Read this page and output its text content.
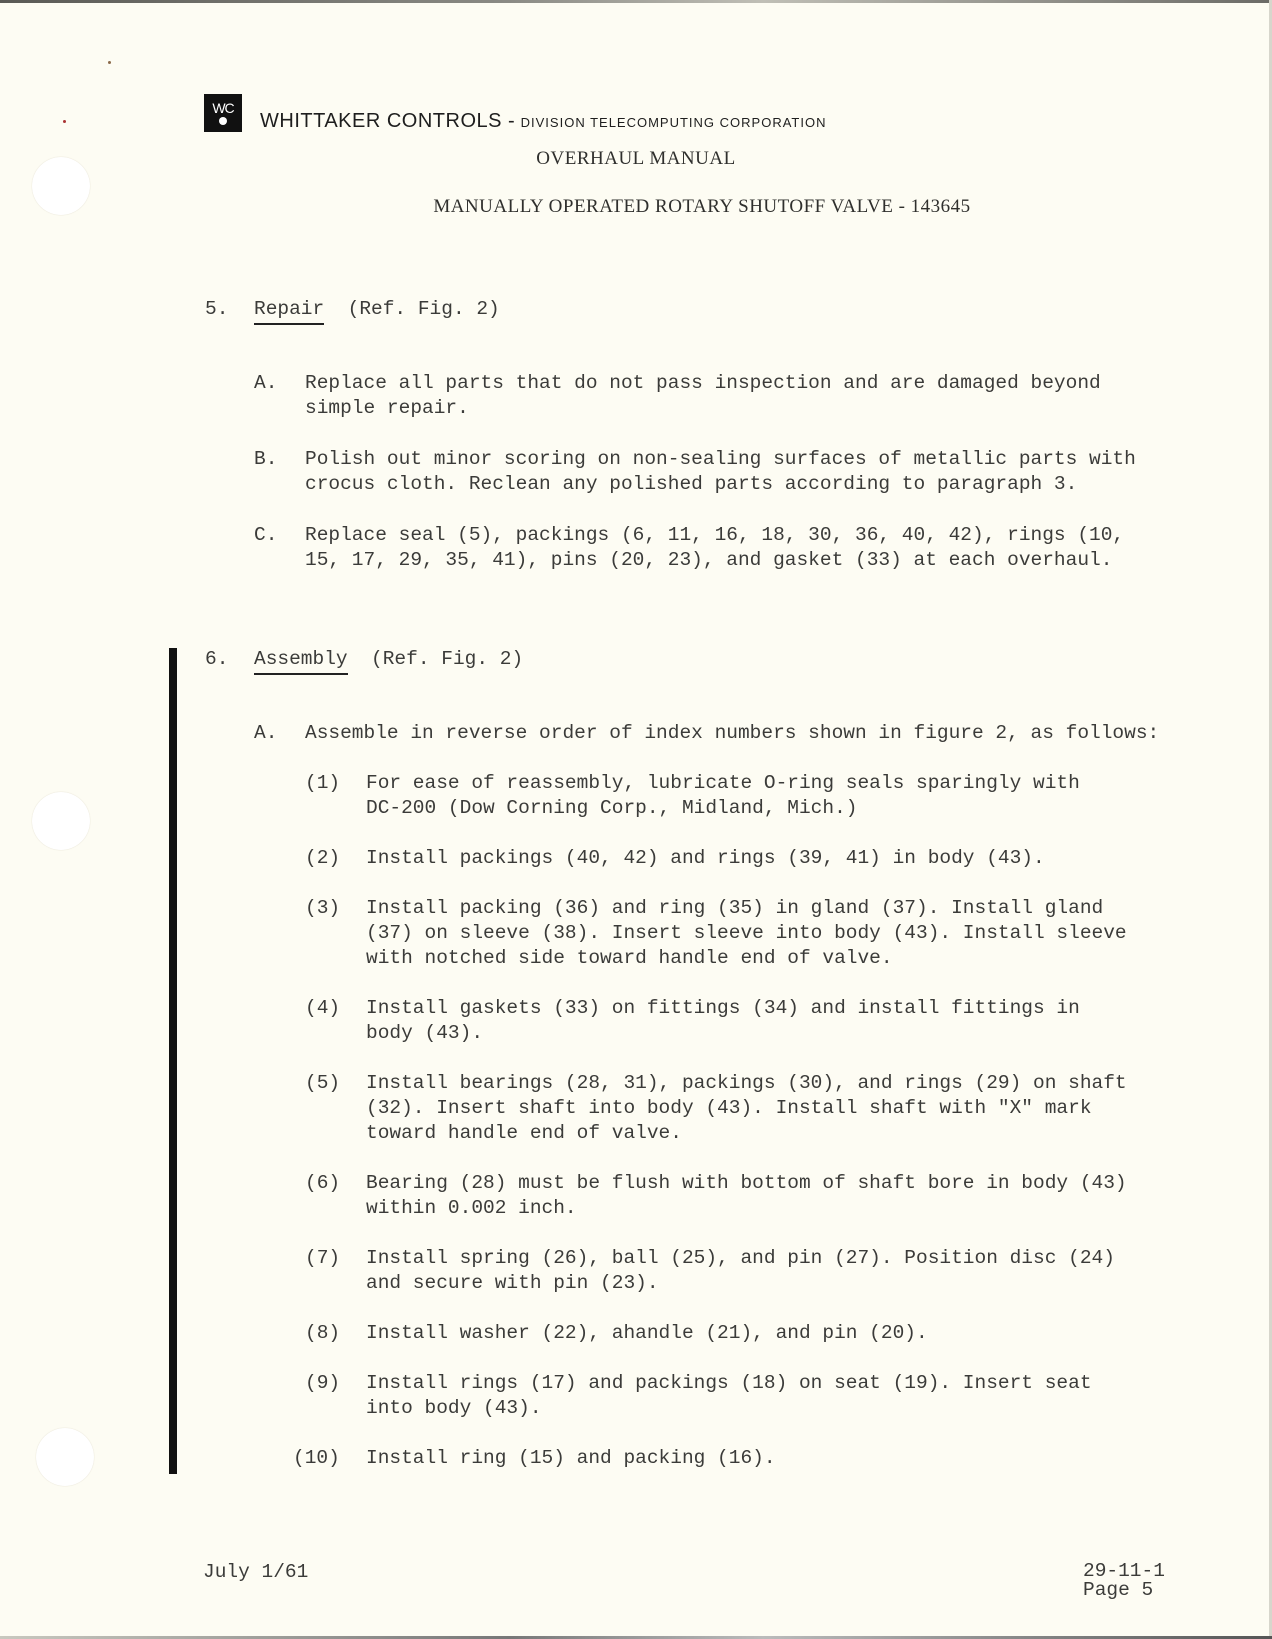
WC
WHITTAKER CONTROLS - DIVISION TELECOMPUTING CORPORATION
OVERHAUL MANUAL
MANUALLY OPERATED ROTARY SHUTOFF VALVE - 143645
5. Repair (Ref. Fig. 2)
A. Replace all parts that do not pass inspection and are damaged beyond
simple repair.
B. Polish out minor scoring on non-sealing surfaces of metallic parts with
crocus cloth. Reclean any polished parts according to paragraph 3.
C. Replace seal (5), packings (6, 11, 16, 18, 30, 36, 40, 42), rings (10,
15, 17, 29, 35, 41), pins (20, 23), and gasket (33) at each overhaul.
6. Assembly (Ref. Fig. 2)
A. Assemble in reverse order of index numbers shown in figure 2, as follows:
(1) For ease of reassembly, lubricate O-ring seals sparingly with
DC-200 (Dow Corning Corp., Midland, Mich.)
(2) Install packings (40, 42) and rings (39, 41) in body (43).
(3) Install packing (36) and ring (35) in gland (37). Install gland
(37) on sleeve (38). Insert sleeve into body (43). Install sleeve
with notched side toward handle end of valve.
(4) Install gaskets (33) on fittings (34) and install fittings in
body (43).
(5) Install bearings (28, 31), packings (30), and rings (29) on shaft
(32). Insert shaft into body (43). Install shaft with "X" mark
toward handle end of valve.
(6) Bearing (28) must be flush with bottom of shaft bore in body (43)
within 0.002 inch.
(7) Install spring (26), ball (25), and pin (27). Position disc (24)
and secure with pin (23).
(8) Install washer (22), ahandle (21), and pin (20).
(9) Install rings (17) and packings (18) on seat (19). Insert seat
into body (43).
(10) Install ring (15) and packing (16).
July 1/61	29-11-1
Page 5
